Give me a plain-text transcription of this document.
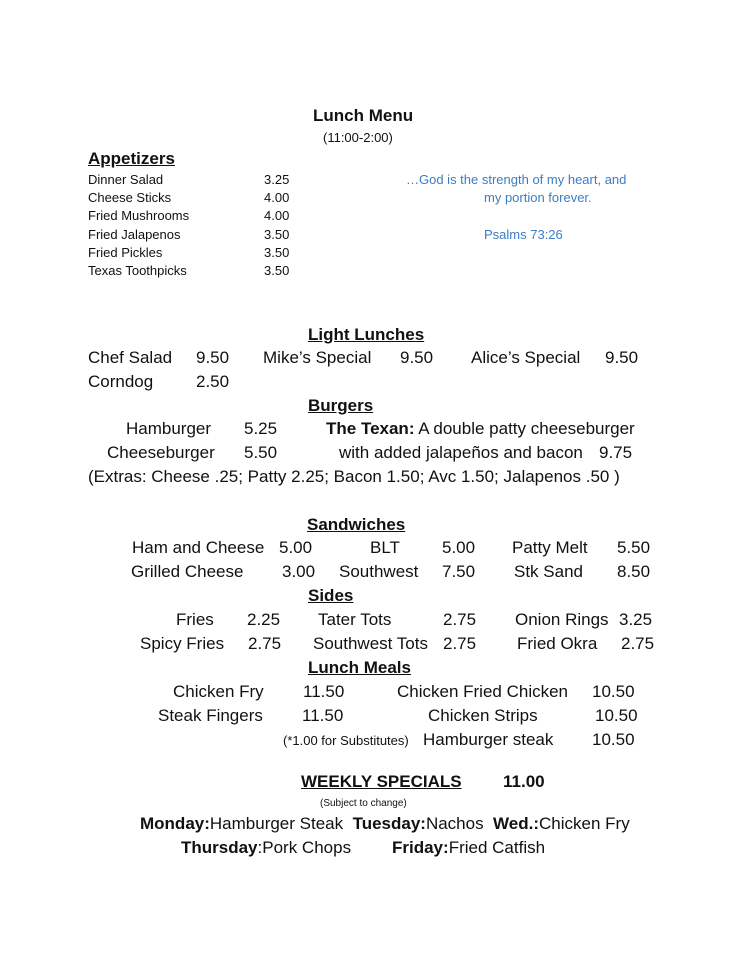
Lunch Menu
(11:00-2:00)
Appetizers
Dinner Salad	3.25
Cheese Sticks	4.00
Fried Mushrooms	4.00
Fried Jalapenos	3.50
Fried Pickles	3.50
Texas Toothpicks	3.50
…God is the strength of my heart, and
my portion forever.
Psalms 73:26
Light Lunches
Chef Salad 9.50 Mike’s Special 9.50 Alice’s Special 9.50
Corndog	2.50
Burgers
Hamburger 5.25
Cheeseburger 5.50
The Texan: A double patty cheeseburger
with added jalapeños and bacon 9.75
(Extras: Cheese .25; Patty 2.25; Bacon 1.50; Avc 1.50; Jalapenos .50 )
Sandwiches
Ham and Cheese 5.00	BLT 5.00 Patty Melt 5.50
Grilled Cheese 3.00 Southwest 7.50 Stk Sand 8.50
Sides
Fries 2.25 Tater Tots	2.75 Onion Rings 3.25
Spicy Fries 2.75 Southwest Tots 2.75 Fried Okra 2.75
Lunch Meals
Chicken Fry 11.50	Chicken Fried Chicken 10.50
Steak Fingers 11.50	Chicken Strips	10.50
(*1.00 for Substitutes) Hamburger steak 10.50
WEEKLY SPECIALS 11.00
(Subject to change)
Monday:Hamburger Steak Tuesday:Nachos Wed.:Chicken Fry
Thursday:Pork Chops Friday:Fried Catfish
